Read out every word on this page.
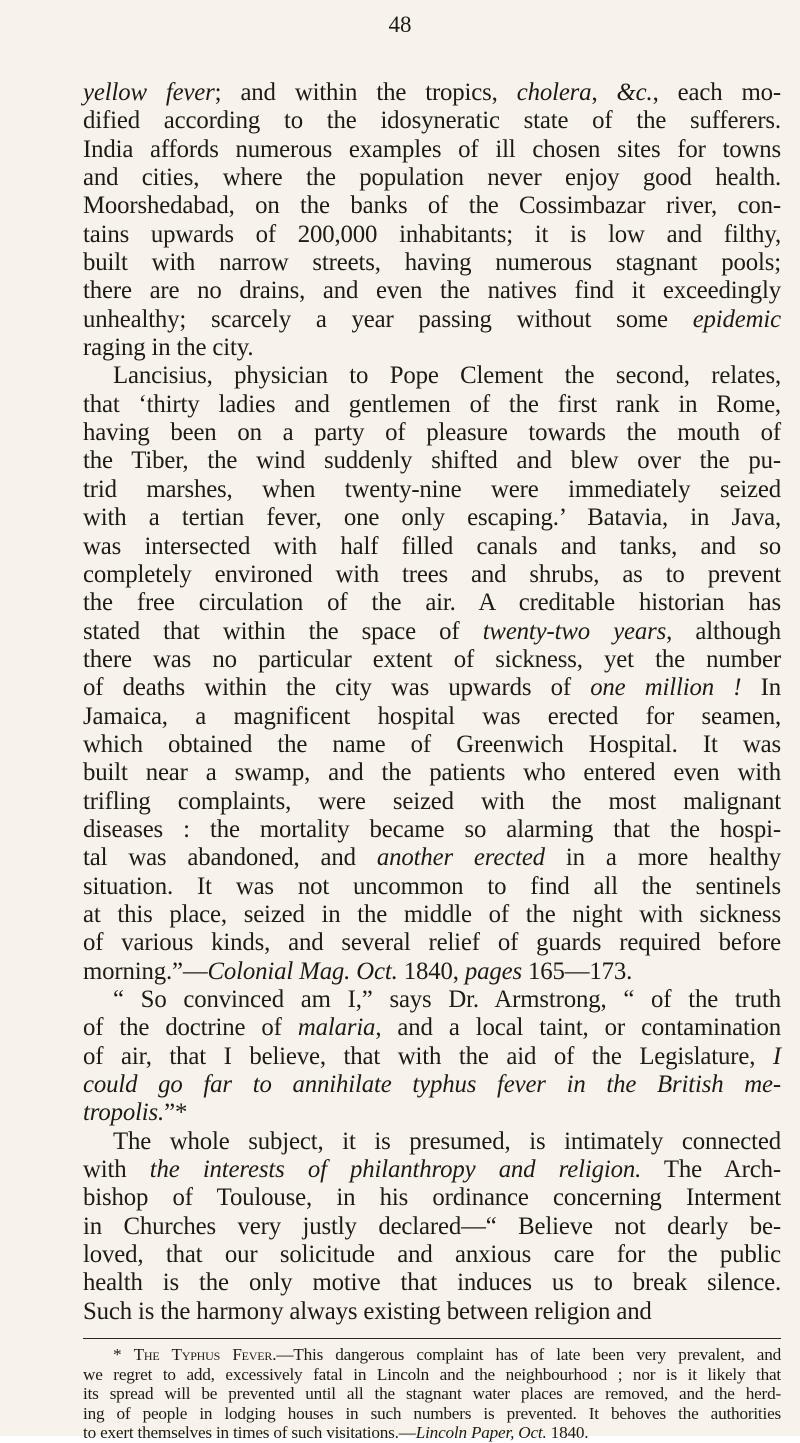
48
yellow fever; and within the tropics, cholera, &c., each mo-
dified according to the idosyneratic state of the sufferers.
India affords numerous examples of ill chosen sites for towns
and cities, where the population never enjoy good health.
Moorshedabad, on the banks of the Cossimbazar river, con-
tains upwards of 200,000 inhabitants; it is low and filthy,
built with narrow streets, having numerous stagnant pools;
there are no drains, and even the natives find it exceedingly
unhealthy; scarcely a year passing without some epidemic
raging in the city.
Lancisius, physician to Pope Clement the second, relates,
that ‘thirty ladies and gentlemen of the first rank in Rome,
having been on a party of pleasure towards the mouth of
the Tiber, the wind suddenly shifted and blew over the pu-
trid marshes, when twenty-nine were immediately seized
with a tertian fever, one only escaping.’ Batavia, in Java,
was intersected with half filled canals and tanks, and so
completely environed with trees and shrubs, as to prevent
the free circulation of the air. A creditable historian has
stated that within the space of twenty-two years, although
there was no particular extent of sickness, yet the number
of deaths within the city was upwards of one million ! In
Jamaica, a magnificent hospital was erected for seamen,
which obtained the name of Greenwich Hospital. It was
built near a swamp, and the patients who entered even with
trifling complaints, were seized with the most malignant
diseases : the mortality became so alarming that the hospi-
tal was abandoned, and another erected in a more healthy
situation. It was not uncommon to find all the sentinels
at this place, seized in the middle of the night with sickness
of various kinds, and several relief of guards required before
morning.”—Colonial Mag. Oct. 1840, pages 165—173.
“ So convinced am I,” says Dr. Armstrong, “ of the truth
of the doctrine of malaria, and a local taint, or contamination
of air, that I believe, that with the aid of the Legislature, I
could go far to annihilate typhus fever in the British me-
tropolis.”*
The whole subject, it is presumed, is intimately connected
with the interests of philanthropy and religion. The Arch-
bishop of Toulouse, in his ordinance concerning Interment
in Churches very justly declared—“ Believe not dearly be-
loved, that our solicitude and anxious care for the public
health is the only motive that induces us to break silence.
Such is the harmony always existing between religion and
* The Typhus Fever.—This dangerous complaint has of late been very prevalent, and
we regret to add, excessively fatal in Lincoln and the neighbourhood ; nor is it likely that
its spread will be prevented until all the stagnant water places are removed, and the herd-
ing of people in lodging houses in such numbers is prevented. It behoves the authorities
to exert themselves in times of such visitations.—Lincoln Paper, Oct. 1840.
